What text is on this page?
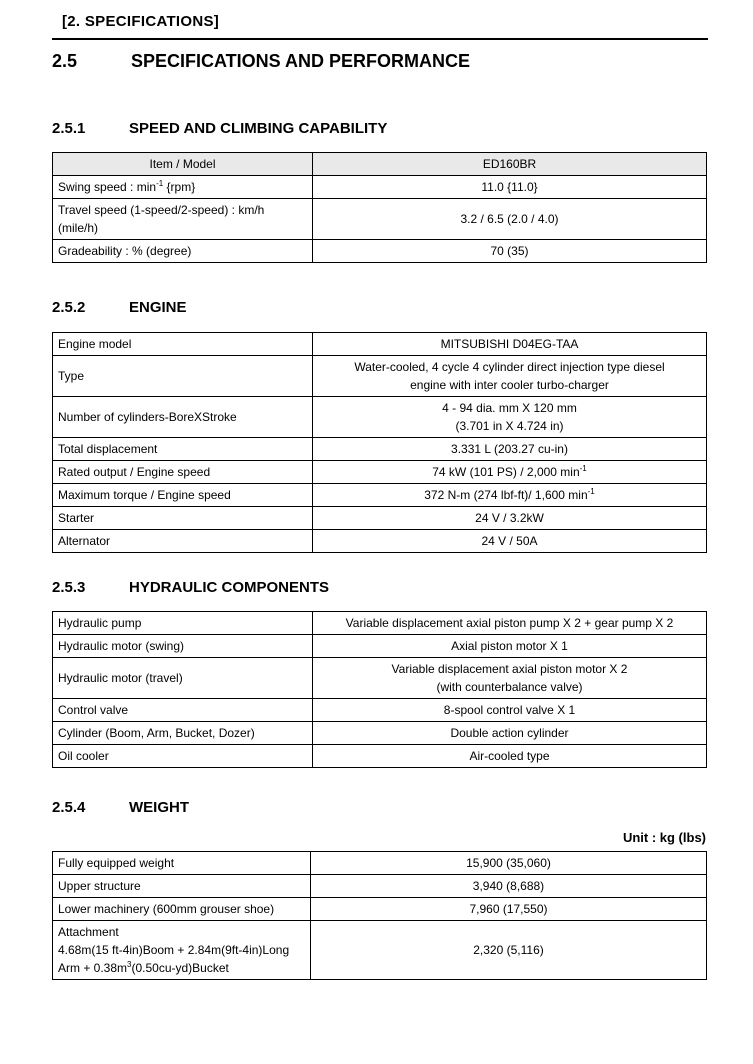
[2. SPECIFICATIONS]
2.5	SPECIFICATIONS AND PERFORMANCE
2.5.1	SPEED AND CLIMBING CAPABILITY
Item / Model	ED160BR
Swing speed : $\min^{-1} \{rpm\}$	11.0 {11.0}
Travel speed (1-speed/2-speed) : km/h (mile/h)	3.2 / 6.5 (2.0 / 4.0)
Gradeability : % (degree)	70 (35)
2.5.2	ENGINE
Engine model	MITSUBISHI D04EG-TAA
Type	Water-cooled, 4 cycle 4 cylinder direct injection type diesel
engine with inter cooler turbo-charger
Number of cylinders-BoreXStroke	4 - 94 dia. mm X 120 mm
(3.701 in X 4.724 in)
Total displacement	3.331 L (203.27 cu-in)
Rated output / Engine speed	74 kW (101 PS) / 2,000 $\min^{-1}$
Maximum torque / Engine speed	372 N-m (274 lbf-ft)/ 1,600 $\min^{-1}$
Starter	24 V / 3.2kW
Alternator	24 V / 50A
2.5.3	HYDRAULIC COMPONENTS
Hydraulic pump	Variable displacement axial piston pump X 2 + gear pump X 2
Hydraulic motor (swing)	Axial piston motor X 1
Hydraulic motor (travel)	Variable displacement axial piston motor X 2
(with counterbalance valve)
Control valve	8-spool control valve X 1
Cylinder (Boom, Arm, Bucket, Dozer)	Double action cylinder
Oil cooler	Air-cooled type
2.5.4	WEIGHT
Unit : kg (lbs)
Fully equipped weight	15,900 (35,060)
Upper structure	3,940 (8,688)
Lower machinery (600mm grouser shoe)	7,960 (17,550)
Attachment
4.68m(15 ft-4in)Boom + 2.84m(9ft-4in)Long
Arm + $0.38m^3(0.50cu-yd)Bucket$	2,320 (5,116)
